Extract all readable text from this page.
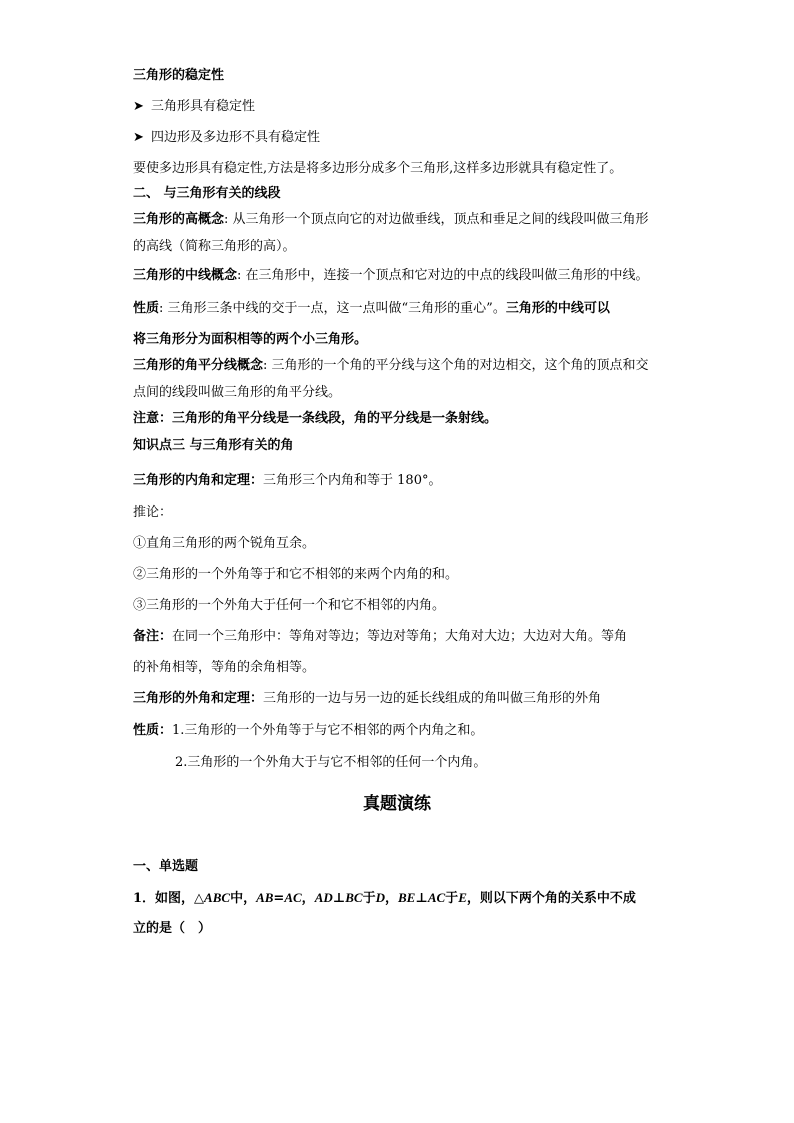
三角形的稳定性
➤ 三角形具有稳定性
➤ 四边形及多边形不具有稳定性
要使多边形具有稳定性,方法是将多边形分成多个三角形,这样多边形就具有稳定性了。
二、 与三角形有关的线段
三角形的高概念: 从三角形一个顶点向它的对边做垂线，顶点和垂足之间的线段叫做三角形
的高线（简称三角形的高）。
三角形的中线概念: 在三角形中，连接一个顶点和它对边的中点的线段叫做三角形的中线。
性质: 三角形三条中线的交于一点，这一点叫做“三角形的重心”。三角形的中线可以
将三角形分为面积相等的两个小三角形。
三角形的角平分线概念: 三角形的一个角的平分线与这个角的对边相交，这个角的顶点和交
点间的线段叫做三角形的角平分线。
注意：三角形的角平分线是一条线段，角的平分线是一条射线。
知识点三 与三角形有关的角
三角形的内角和定理：三角形三个内角和等于 180°。
推论：
①直角三角形的两个锐角互余。
②三角形的一个外角等于和它不相邻的来两个内角的和。
③三角形的一个外角大于任何一个和它不相邻的内角。
备注：在同一个三角形中：等角对等边；等边对等角；大角对大边；大边对大角。等角
的补角相等，等角的余角相等。
三角形的外角和定理：三角形的一边与另一边的延长线组成的角叫做三角形的外角
性质：1.三角形的一个外角等于与它不相邻的两个内角之和。
2.三角形的一个外角大于与它不相邻的任何一个内角。
真题演练
一、单选题
1．如图，△ABC中，AB=AC，AD⊥BC于D，BE⊥AC于E，则以下两个角的关系中不成
立的是（　）
